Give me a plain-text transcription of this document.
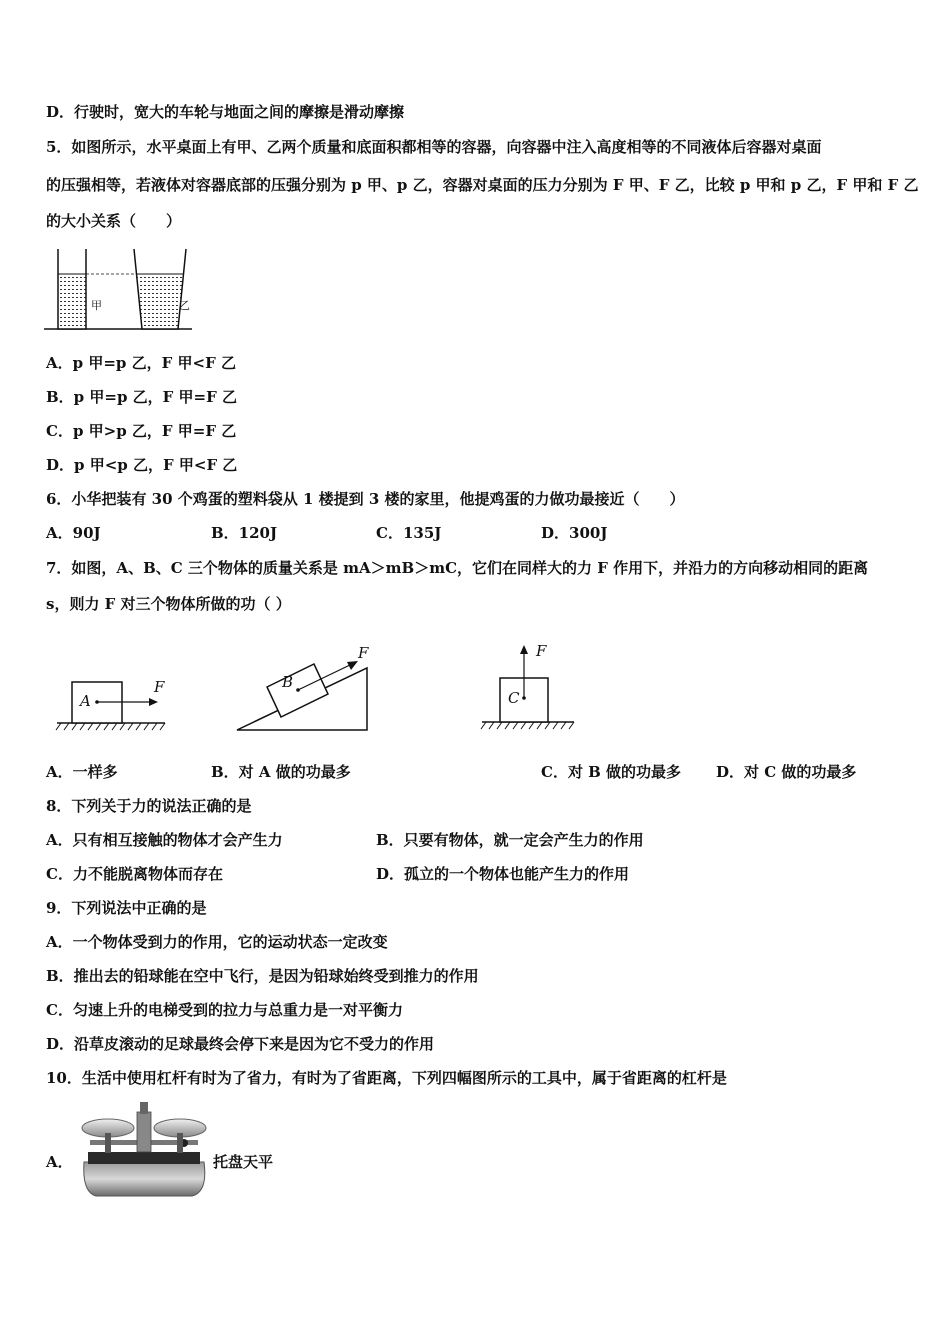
D．行驶时，宽大的车轮与地面之间的摩擦是滑动摩擦
5．如图所示，水平桌面上有甲、乙两个质量和底面积都相等的容器，向容器中注入高度相等的不同液体后容器对桌面
的压强相等，若液体对容器底部的压强分别为 p 甲、p 乙，容器对桌面的压力分别为 F 甲、F 乙，比较 p 甲和 p 乙，F 甲和 F 乙
的大小关系（　　）
甲	乙
A．p 甲=p 乙，F 甲<F 乙
B．p 甲=p 乙，F 甲=F 乙
C．p 甲>p 乙，F 甲=F 乙
D．p 甲<p 乙，F 甲<F 乙
6．小华把装有 30 个鸡蛋的塑料袋从 1 楼提到 3 楼的家里，他提鸡蛋的力做功最接近（　　）
A．90J	B．120J	C．135J	D．300J
7．如图，A、B、C 三个物体的质量关系是 mA＞mB＞mC，它们在同样大的力 F 作用下，并沿力的方向移动相同的距离
s，则力 F 对三个物体所做的功（ ）
A
F	B
F
C
F
A．一样多	B．对 A 做的功最多	C．对 B 做的功最多 D．对 C 做的功最多
8．下列关于力的说法正确的是
A．只有相互接触的物体才会产生力	B．只要有物体，就一定会产生力的作用
C．力不能脱离物体而存在	D．孤立的一个物体也能产生力的作用
9．下列说法中正确的是
A．一个物体受到力的作用，它的运动状态一定改变
B．推出去的铅球能在空中飞行，是因为铅球始终受到推力的作用
C．匀速上升的电梯受到的拉力与总重力是一对平衡力
D．沿草皮滚动的足球最终会停下来是因为它不受力的作用
10．生活中使用杠杆有时为了省力，有时为了省距离，下列四幅图所示的工具中，属于省距离的杠杆是
A．	托盘天平
